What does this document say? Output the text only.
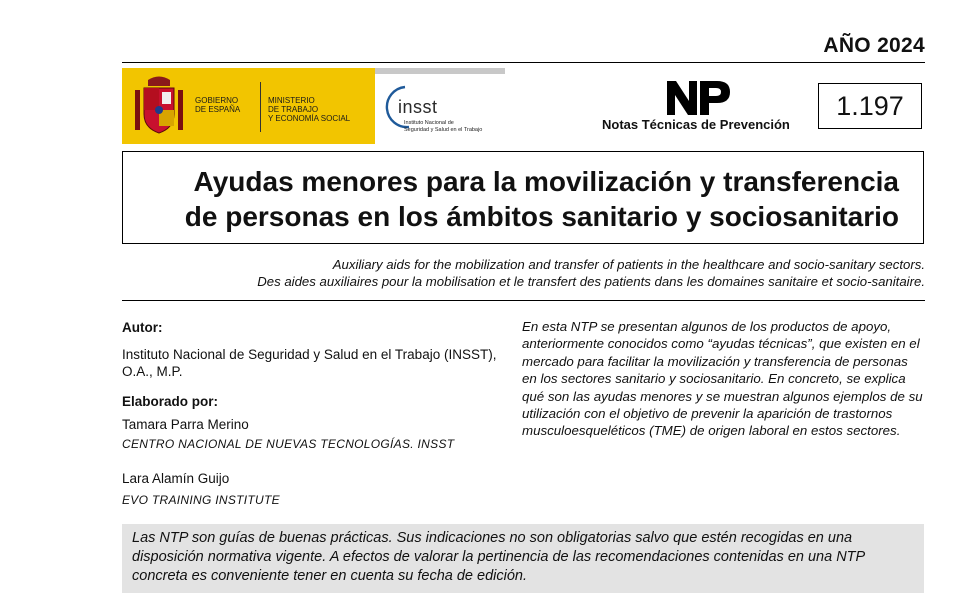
AÑO 2024
GOBIERNO
DE ESPAÑA
MINISTERIO
DE TRABAJO
Y ECONOMÍA SOCIAL
insst
Instituto Nacional de
Seguridad y Salud en el Trabajo	Notas Técnicas de Prevención
1.197
Ayudas menores para la movilización y transferencia
de personas en los ámbitos sanitario y sociosanitario
Auxiliary aids for the mobilization and transfer of patients in the healthcare and socio-sanitary sectors.
Des aides auxiliaires pour la mobilisation et le transfert des patients dans les domaines sanitaire et socio-sanitaire.
Autor:
Instituto Nacional de Seguridad y Salud en el Trabajo (INSST), O.A., M.P.
Elaborado por:
Tamara Parra Merino
CENTRO NACIONAL DE NUEVAS TECNOLOGÍAS. INSST
Lara Alamín Guijo
EVO TRAINING INSTITUTE
En esta NTP se presentan algunos de los productos de apoyo, anteriormente conocidos como “ayudas técnicas”, que existen en el mercado para facilitar la movilización y transferencia de personas en los sectores sanitario y sociosanitario. En concreto, se explica qué son las ayudas menores y se muestran algunos ejemplos de su utilización con el objetivo de prevenir la aparición de trastornos musculoesqueléticos (TME) de origen laboral en estos sectores.
Las NTP son guías de buenas prácticas. Sus indicaciones no son obligatorias salvo que estén recogidas en una disposición normativa vigente. A efectos de valorar la pertinencia de las recomendaciones contenidas en una NTP concreta es conveniente tener en cuenta su fecha de edición.
